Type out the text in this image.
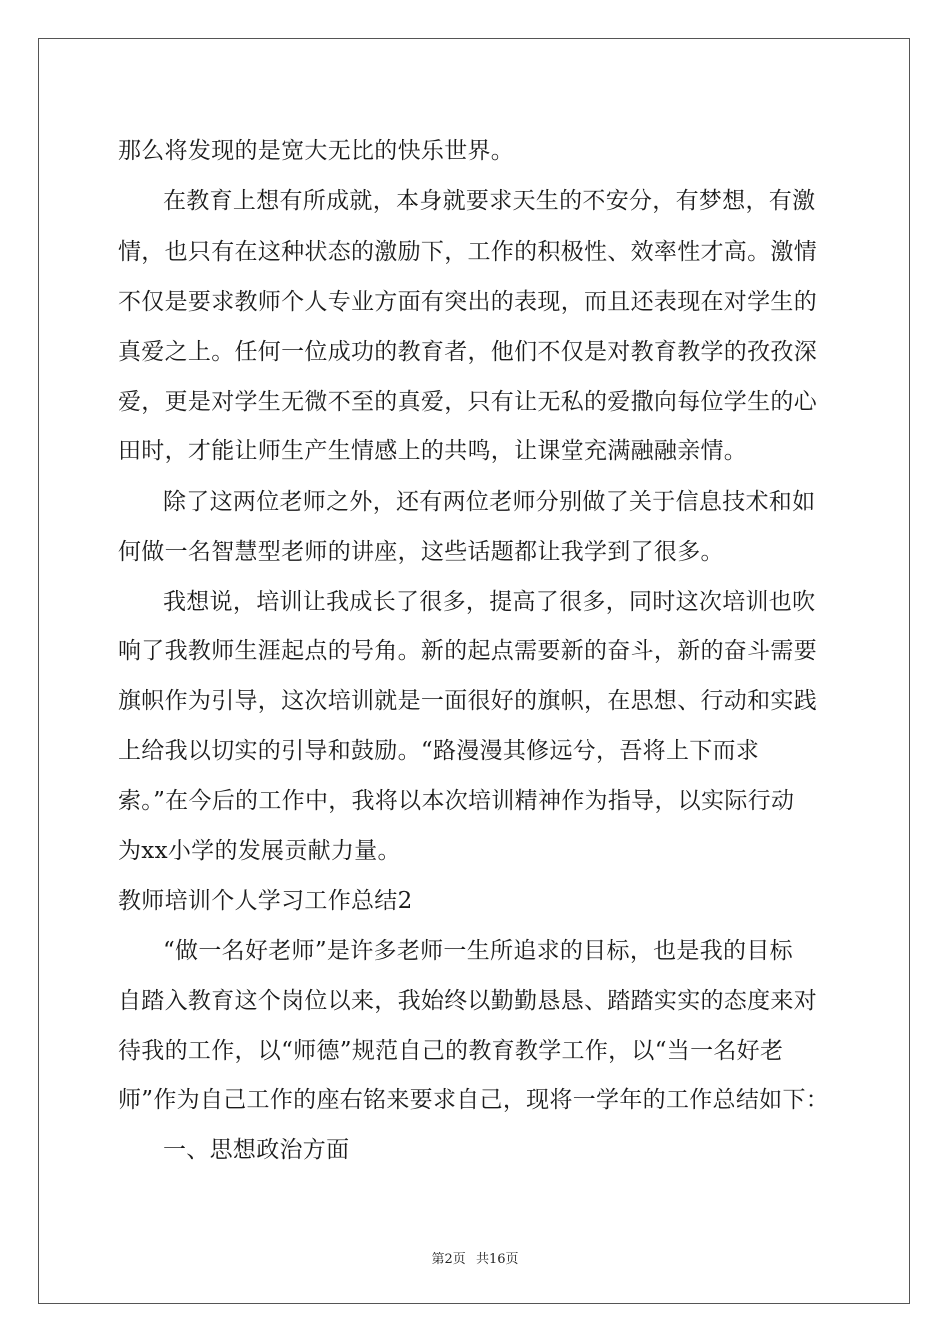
那么将发现的是宽大无比的快乐世界。
在教育上想有所成就，本身就要求天生的不安分，有梦想，有激
情，也只有在这种状态的激励下，工作的积极性、效率性才高。激情
不仅是要求教师个人专业方面有突出的表现，而且还表现在对学生的
真爱之上。任何一位成功的教育者，他们不仅是对教育教学的孜孜深
爱，更是对学生无微不至的真爱，只有让无私的爱撒向每位学生的心
田时，才能让师生产生情感上的共鸣，让课堂充满融融亲情。
除了这两位老师之外，还有两位老师分别做了关于信息技术和如
何做一名智慧型老师的讲座，这些话题都让我学到了很多。
我想说，培训让我成长了很多，提高了很多，同时这次培训也吹
响了我教师生涯起点的号角。新的起点需要新的奋斗，新的奋斗需要
旗帜作为引导，这次培训就是一面很好的旗帜，在思想、行动和实践
上给我以切实的引导和鼓励。“路漫漫其修远兮，吾将上下而求
索。”在今后的工作中，我将以本次培训精神作为指导，以实际行动
为xx小学的发展贡献力量。
教师培训个人学习工作总结2
“做一名好老师”是许多老师一生所追求的目标，也是我的目标
自踏入教育这个岗位以来，我始终以勤勤恳恳、踏踏实实的态度来对
待我的工作，以“师德”规范自己的教育教学工作，以“当一名好老
师”作为自己工作的座右铭来要求自己，现将一学年的工作总结如下：
一、思想政治方面
第2页 共16页
